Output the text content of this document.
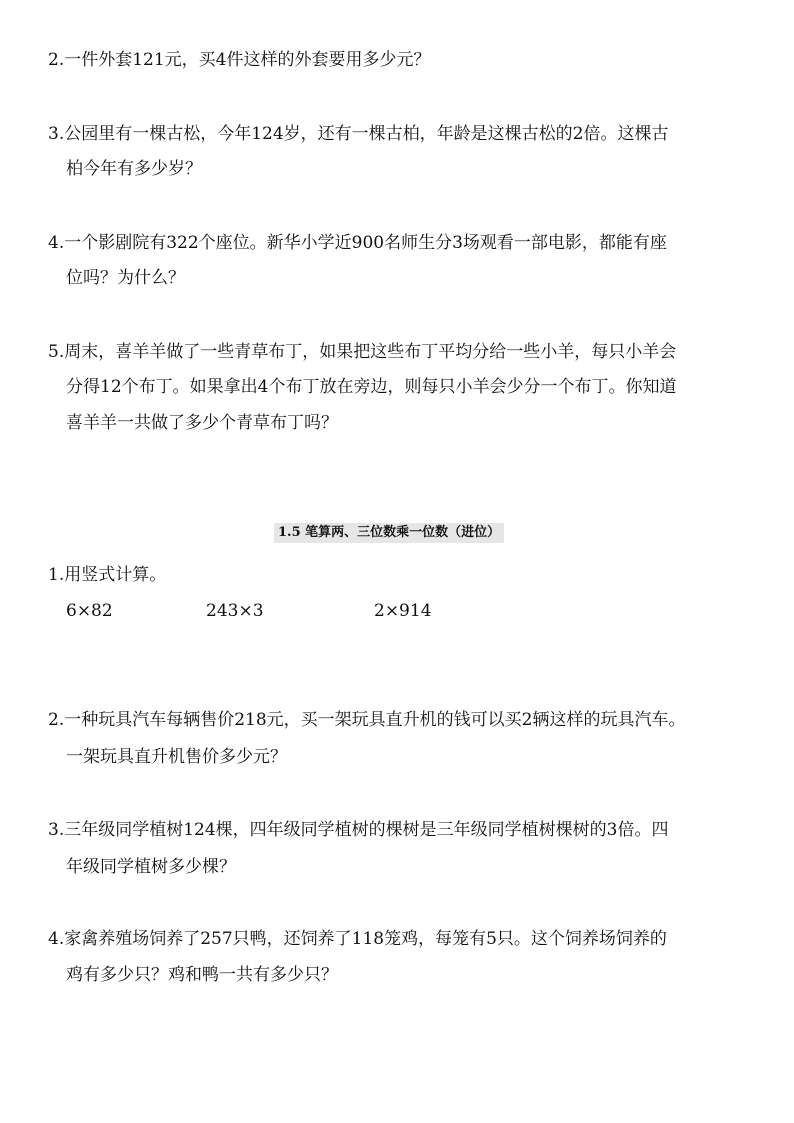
2.一件外套121元，买4件这样的外套要用多少元？
3.公园里有一棵古松，今年124岁，还有一棵古柏，年龄是这棵古松的2倍。这棵古
柏今年有多少岁？
4.一个影剧院有322个座位。新华小学近900名师生分3场观看一部电影，都能有座
位吗？为什么？
5.周末，喜羊羊做了一些青草布丁，如果把这些布丁平均分给一些小羊，每只小羊会
分得12个布丁。如果拿出4个布丁放在旁边，则每只小羊会少分一个布丁。你知道
喜羊羊一共做了多少个青草布丁吗？
1.5 笔算两、三位数乘一位数（进位）
1.用竖式计算。
6×82	243×3	2×914
2.一种玩具汽车每辆售价218元，买一架玩具直升机的钱可以买2辆这样的玩具汽车。
一架玩具直升机售价多少元？
3.三年级同学植树124棵，四年级同学植树的棵树是三年级同学植树棵树的3倍。四
年级同学植树多少棵？
4.家禽养殖场饲养了257只鸭，还饲养了118笼鸡，每笼有5只。这个饲养场饲养的
鸡有多少只？鸡和鸭一共有多少只？
